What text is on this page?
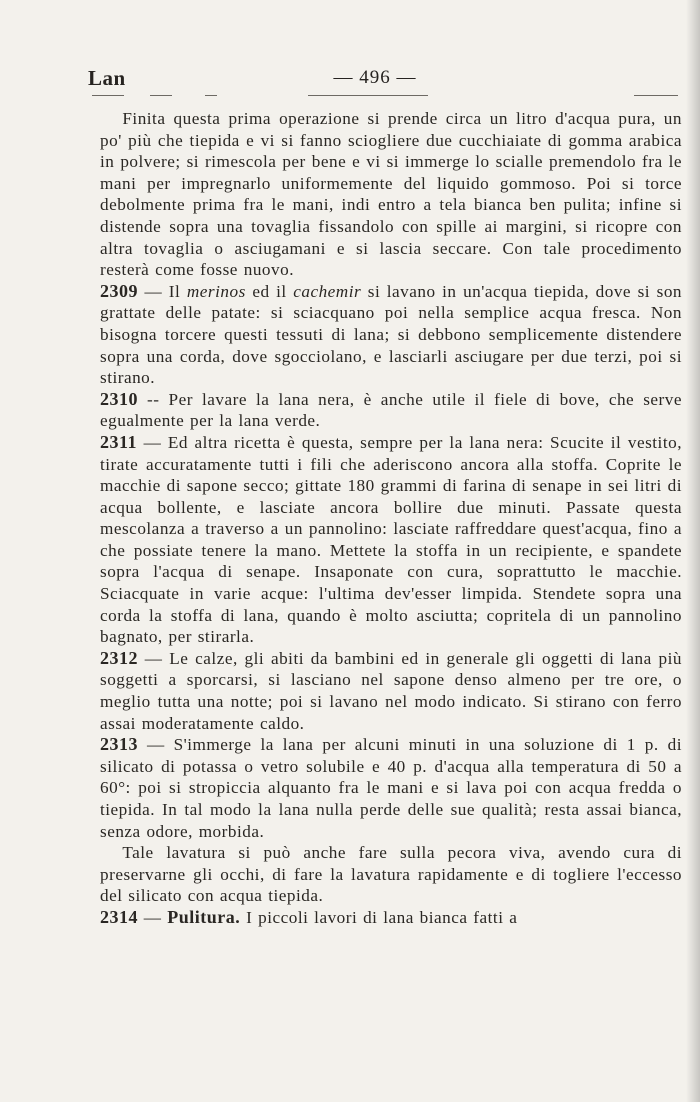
Lan	— 496 —

Finita questa prima operazione si prende circa un litro d'acqua pura, un po' più che tiepida e vi si fanno sciogliere due cucchiaiate di gomma arabica in polvere; si rimescola per bene e vi si immerge lo scialle premendolo fra le mani per impregnarlo uniformemente del liquido gommoso. Poi si torce debolmente prima fra le mani, indi entro a tela bianca ben pulita; infine si distende sopra una tovaglia fissandolo con spille ai margini, si ricopre con altra tovaglia o asciugamani e si lascia seccare. Con tale procedimento resterà come fosse nuovo.

2309 — Il merinos ed il cachemir si lavano in un'acqua tiepida, dove si son grattate delle patate: si sciacquano poi nella semplice acqua fresca. Non bisogna torcere questi tessuti di lana; si debbono semplicemente distendere sopra una corda, dove sgocciolano, e lasciarli asciugare per due terzi, poi si stirano.

2310 -- Per lavare la lana nera, è anche utile il fiele di bove, che serve egualmente per la lana verde.

2311 — Ed altra ricetta è questa, sempre per la lana nera: Scucite il vestito, tirate accuratamente tutti i fili che aderiscono ancora alla stoffa. Coprite le macchie di sapone secco; gittate 180 grammi di farina di senape in sei litri di acqua bollente, e lasciate ancora bollire due minuti. Passate questa mescolanza a traverso a un pannolino: lasciate raffreddare quest'acqua, fino a che possiate tenere la mano. Mettete la stoffa in un recipiente, e spandete sopra l'acqua di senape. Insaponate con cura, soprattutto le macchie. Sciacquate in varie acque: l'ultima dev'esser limpida. Stendete sopra una corda la stoffa di lana, quando è molto asciutta; copritela di un pannolino bagnato, per stirarla.

2312 — Le calze, gli abiti da bambini ed in generale gli oggetti di lana più soggetti a sporcarsi, si lasciano nel sapone denso almeno per tre ore, o meglio tutta una notte; poi si lavano nel modo indicato. Si stirano con ferro assai moderatamente caldo.

2313 — S'immerge la lana per alcuni minuti in una soluzione di 1 p. di silicato di potassa o vetro solubile e 40 p. d'acqua alla temperatura di 50 a 60°: poi si stropiccia alquanto fra le mani e si lava poi con acqua fredda o tiepida. In tal modo la lana nulla perde delle sue qualità; resta assai bianca, senza odore, morbida.

Tale lavatura si può anche fare sulla pecora viva, avendo cura di preservarne gli occhi, di fare la lavatura rapidamente e di togliere l'eccesso del silicato con acqua tiepida.

2314 — Pulitura. I piccoli lavori di lana bianca fatti a
